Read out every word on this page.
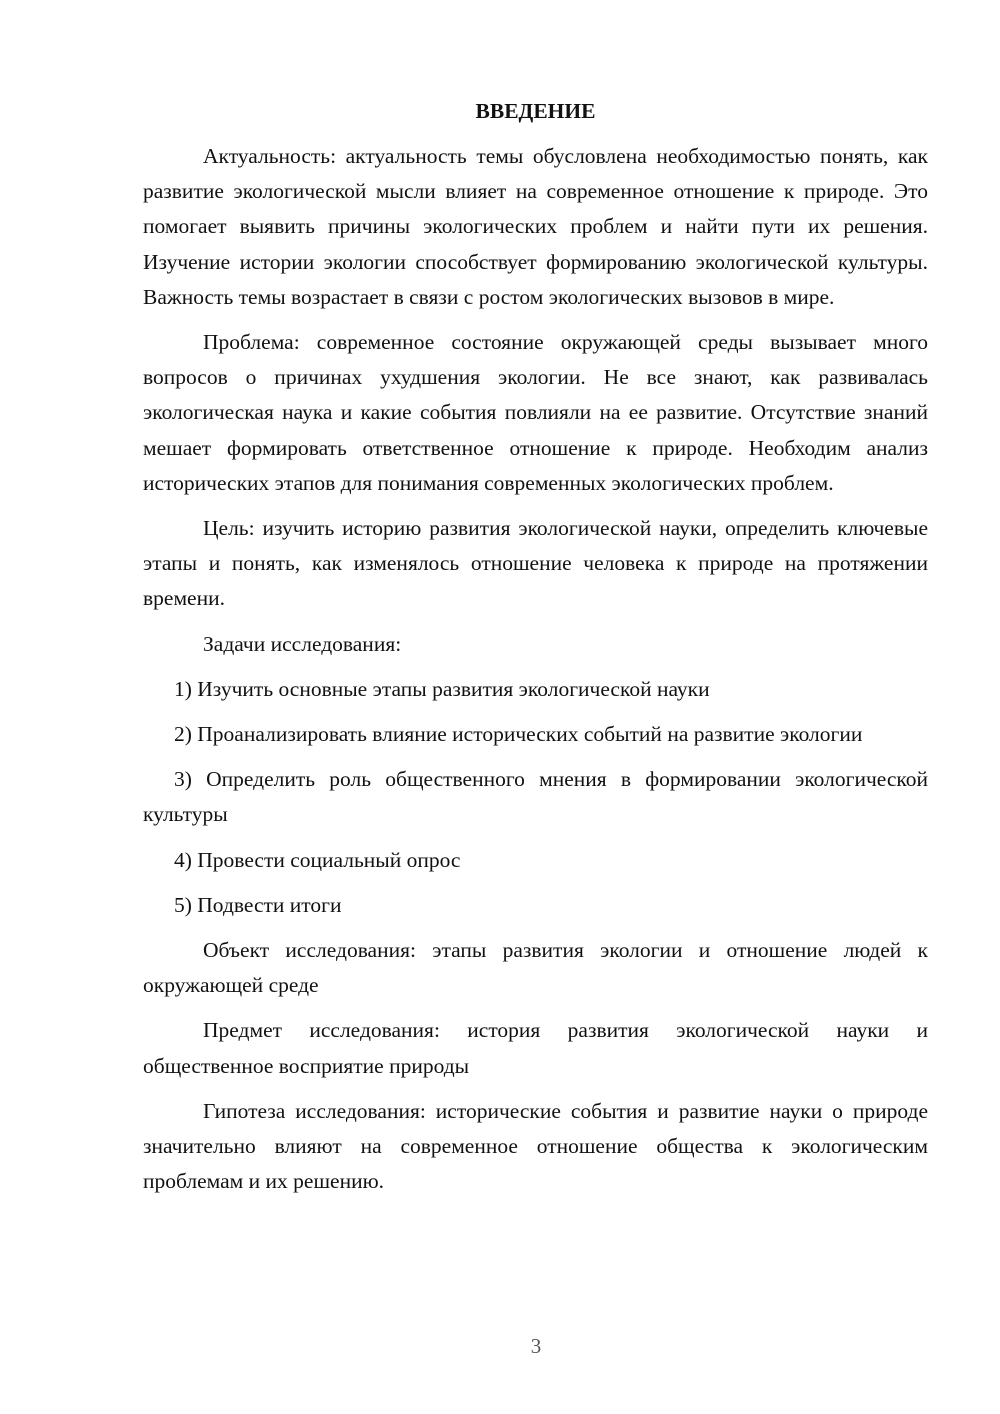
ВВЕДЕНИЕ

Актуальность: актуальность темы обусловлена необходимостью понять, как развитие экологической мысли влияет на современное отношение к природе. Это помогает выявить причины экологических проблем и найти пути их решения. Изучение истории экологии способствует формированию экологической культуры. Важность темы возрастает в связи с ростом экологических вызовов в мире.

Проблема: современное состояние окружающей среды вызывает много вопросов о причинах ухудшения экологии. Не все знают, как развивалась экологическая наука и какие события повлияли на ее развитие. Отсутствие знаний мешает формировать ответственное отношение к природе. Необходим анализ исторических этапов для понимания современных экологических проблем.

Цель: изучить историю развития экологической науки, определить ключевые этапы и понять, как изменялось отношение человека к природе на протяжении времени.

Задачи исследования:

1) Изучить основные этапы развития экологической науки

2) Проанализировать влияние исторических событий на развитие экологии

3) Определить роль общественного мнения в формировании экологической культуры

4) Провести социальный опрос

5) Подвести итоги

Объект исследования: этапы развития экологии и отношение людей к окружающей среде

Предмет исследования: история развития экологической науки и общественное восприятие природы

Гипотеза исследования: исторические события и развитие науки о природе значительно влияют на современное отношение общества к экологическим проблемам и их решению.

3
